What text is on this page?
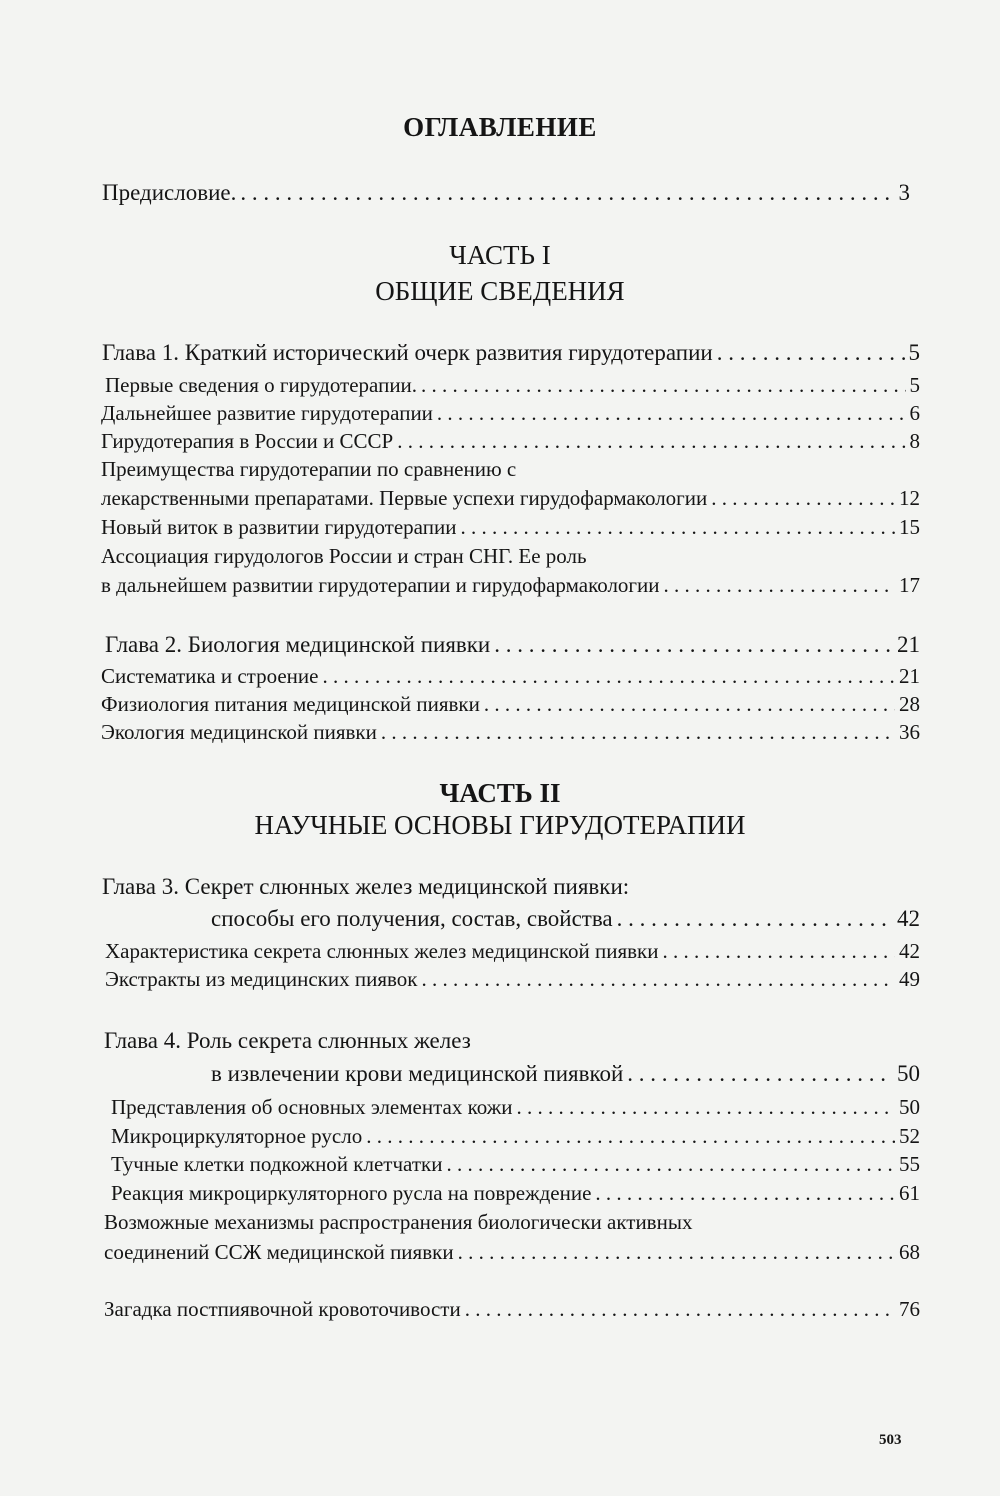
ОГЛАВЛЕНИЕ
Предисловие. . . .	3
ЧАСТЬ I
ОБЩИЕ СВЕДЕНИЯ
Глава 1. Краткий исторический очерк развития гирудотерапии . . .	5
Первые сведения о гирудотерапии. . . .	5
Дальнейшее развитие гирудотерапии . . .	6
Гирудотерапия в России и СССР . . .	8
Преимущества гирудотерапии по сравнению с
лекарственными препаратами. Первые успехи гирудофармакологии . . .	12
Новый виток в развитии гирудотерапии . . .	15
Ассоциация гирудологов России и стран СНГ. Ее роль
в дальнейшем развитии гирудотерапии и гирудофармакологии . . .	17
Глава 2. Биология медицинской пиявки . . .	21
Систематика и строение . . .	21
Физиология питания медицинской пиявки . . .	28
Экология медицинской пиявки . . .	36
ЧАСТЬ II
НАУЧНЫЕ ОСНОВЫ ГИРУДОТЕРАПИИ
Глава 3. Секрет слюнных желез медицинской пиявки:
способы его получения, состав, свойства . . .	42
Характеристика секрета слюнных желез медицинской пиявки . . .	42
Экстракты из медицинских пиявок . . .	49
Глава 4. Роль секрета слюнных желез
в извлечении крови медицинской пиявкой . . .	50
Представления об основных элементах кожи . . .	50
Микроциркуляторное русло . . .	52
Тучные клетки подкожной клетчатки . . .	55
Реакция микроциркуляторного русла на повреждение . . .	61
Возможные механизмы распространения биологически активных
соединений ССЖ медицинской пиявки . . .	68
Загадка постпиявочной кровоточивости . . .	76
503
